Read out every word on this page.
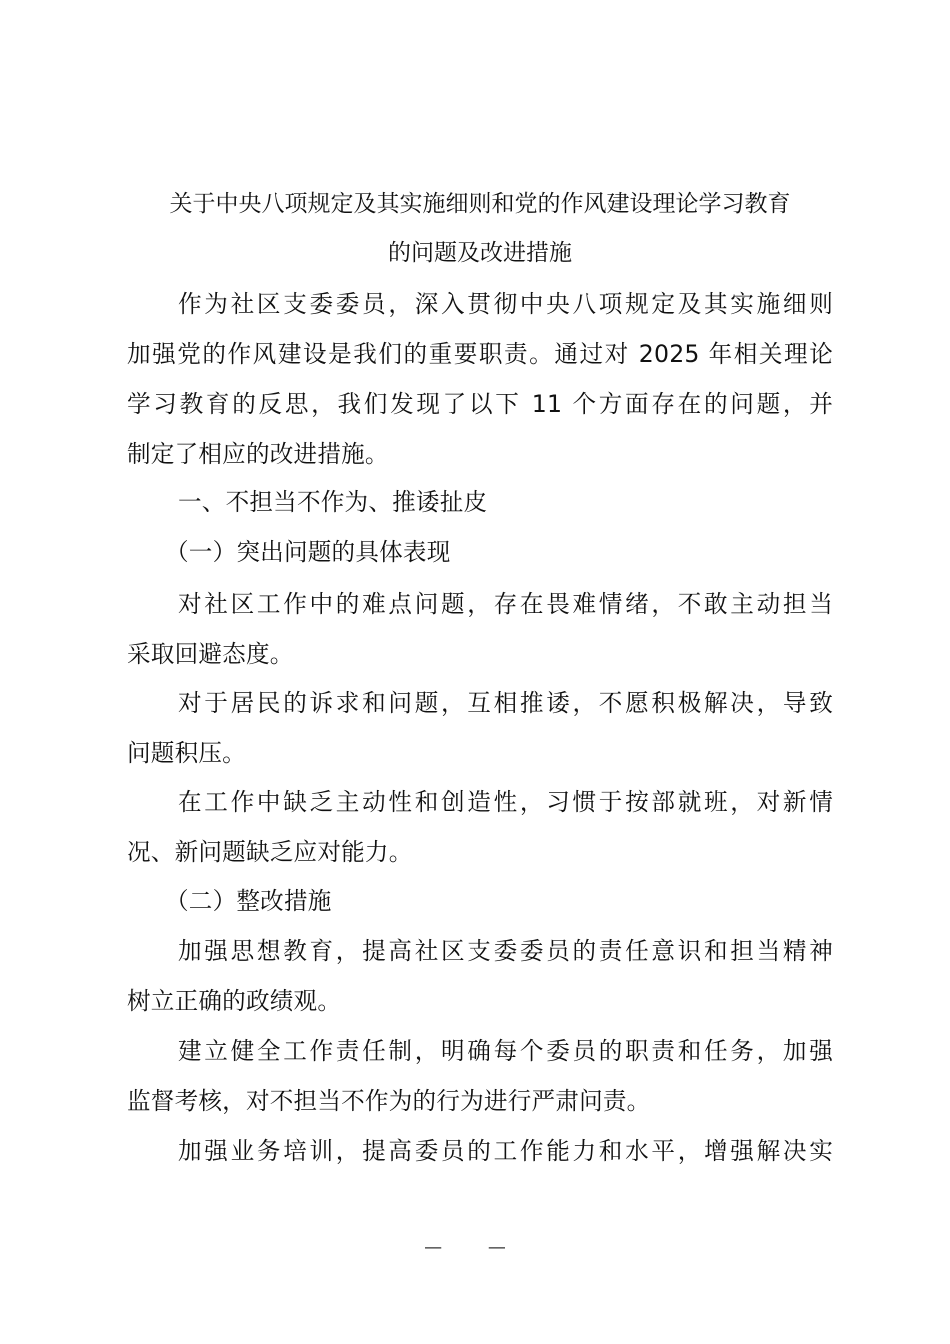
关于中央八项规定及其实施细则和党的作风建设理论学习教育
的问题及改进措施
作为社区支委委员，深入贯彻中央八项规定及其实施细则
加强党的作风建设是我们的重要职责。通过对 2025 年相关理论
学习教育的反思，我们发现了以下 11 个方面存在的问题，并
制定了相应的改进措施。
一、不担当不作为、推诿扯皮
（一）突出问题的具体表现
对社区工作中的难点问题，存在畏难情绪，不敢主动担当
采取回避态度。
对于居民的诉求和问题，互相推诿，不愿积极解决，导致
问题积压。
在工作中缺乏主动性和创造性，习惯于按部就班，对新情
况、新问题缺乏应对能力。
（二）整改措施
加强思想教育，提高社区支委委员的责任意识和担当精神
树立正确的政绩观。
建立健全工作责任制，明确每个委员的职责和任务，加强
监督考核，对不担当不作为的行为进行严肃问责。
加强业务培训，提高委员的工作能力和水平，增强解决实
— —
